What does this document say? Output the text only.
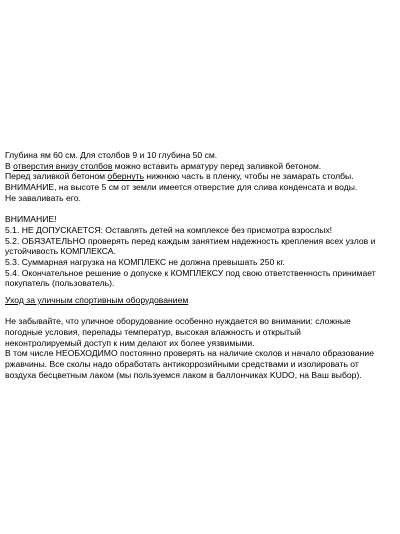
Глубина ям 60 см. Для столбов 9 и 10 глубина 50 см.
В отверстия внизу столбов можно вставить арматуру перед заливкой бетоном.
Перед заливкой бетоном обернуть нижнюю часть в пленку, чтобы не замарать столбы.
ВНИМАНИЕ, на высоте 5 см от земли имеется отверстие для слива конденсата и воды.
Не заваливать его.
ВНИМАНИЕ!
5.1. НЕ ДОПУСКАЕТСЯ: Оставлять детей на комплексе без присмотра взрослых!
5.2. ОБЯЗАТЕЛЬНО проверять перед каждым занятием надежность крепления всех узлов и
устойчивость КОМПЛЕКСА.
5.3. Суммарная нагрузка на КОМПЛЕКС не должна превышать 250 кг.
5.4. Окончательное решение о допуске к КОМПЛЕКСУ под свою ответственность принимает
покупатель (пользователь).
Уход за уличным спортивным оборудованием
Не забывайте, что уличное оборудование особенно нуждается во внимании: сложные
погодные условия, перепады температур, высокая влажность и открытый
неконтролируемый доступ к ним делают их более уязвимыми.
В том числе НЕОБХОДИМО постоянно проверять на наличие сколов и начало образование
ржавчины. Все сколы надо обработать антикоррозийными средствами и изолировать от
воздуха бесцветным лаком (мы пользуемся лаком в баллончиках KUDO, на Ваш выбор).
